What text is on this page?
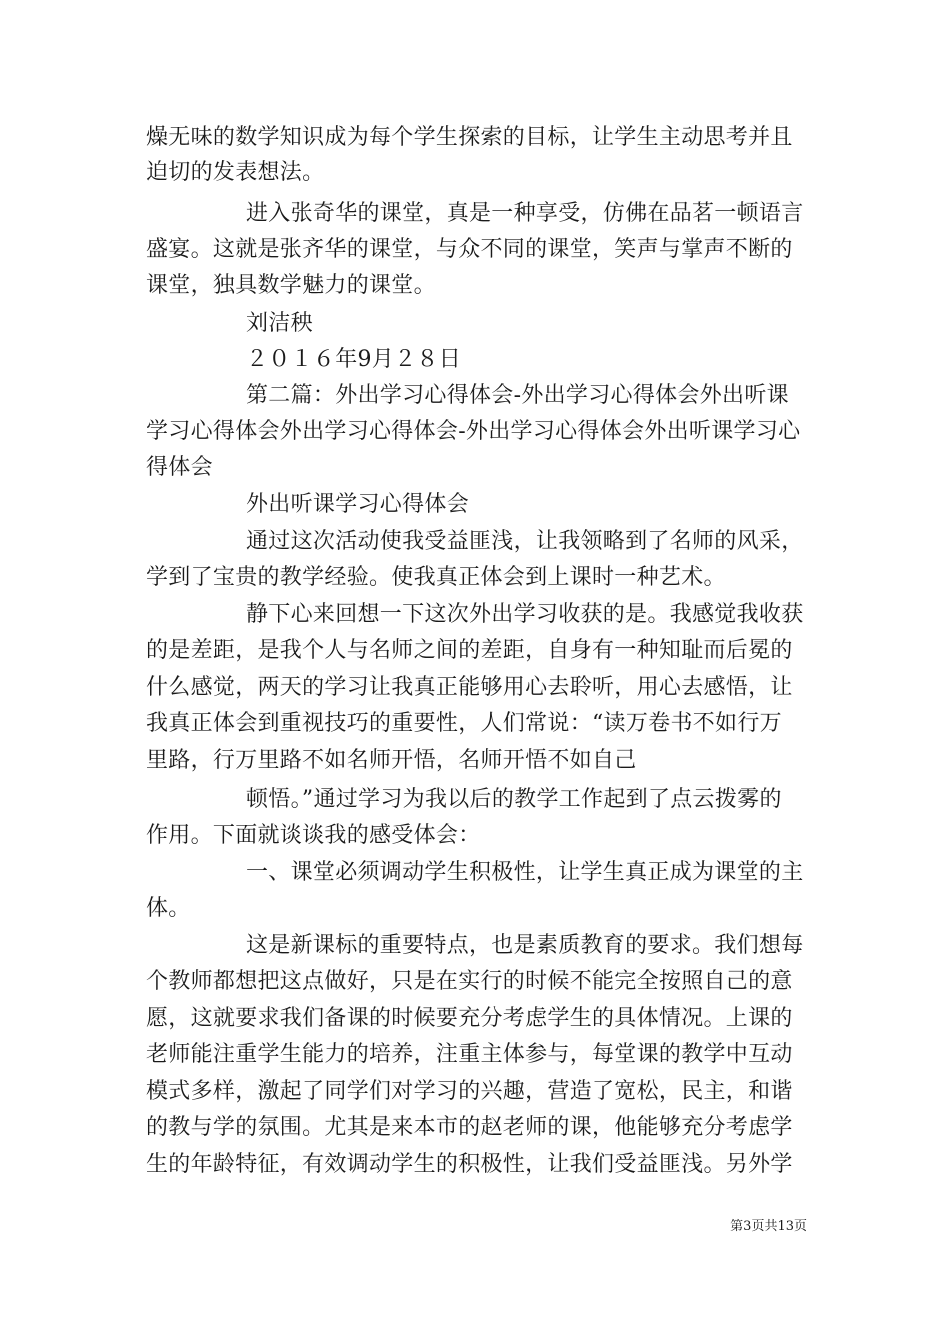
燥无味的数学知识成为每个学生探索的目标，让学生主动思考并且
迫切的发表想法。
进入张奇华的课堂，真是一种享受，仿佛在品茗一顿语言
盛宴。这就是张齐华的课堂，与众不同的课堂，笑声与掌声不断的
课堂，独具数学魅力的课堂。
刘洁秧
２０１６年9月２８日
第二篇：外出学习心得体会-外出学习心得体会外出听课
学习心得体会外出学习心得体会-外出学习心得体会外出听课学习心
得体会
外出听课学习心得体会
通过这次活动使我受益匪浅，让我领略到了名师的风采，
学到了宝贵的教学经验。使我真正体会到上课时一种艺术。
静下心来回想一下这次外出学习收获的是。我感觉我收获
的是差距，是我个人与名师之间的差距，自身有一种知耻而后冕的
什么感觉，两天的学习让我真正能够用心去聆听，用心去感悟，让
我真正体会到重视技巧的重要性，人们常说：“读万卷书不如行万
里路，行万里路不如名师开悟，名师开悟不如自己
顿悟。”通过学习为我以后的教学工作起到了点云拨雾的
作用。下面就谈谈我的感受体会：
一、课堂必须调动学生积极性，让学生真正成为课堂的主
体。
这是新课标的重要特点，也是素质教育的要求。我们想每
个教师都想把这点做好，只是在实行的时候不能完全按照自己的意
愿，这就要求我们备课的时候要充分考虑学生的具体情况。上课的
老师能注重学生能力的培养，注重主体参与，每堂课的教学中互动
模式多样，激起了同学们对学习的兴趣，营造了宽松，民主，和谐
的教与学的氛围。尤其是来本市的赵老师的课，他能够充分考虑学
生的年龄特征，有效调动学生的积极性，让我们受益匪浅。另外学
第3页共13页
